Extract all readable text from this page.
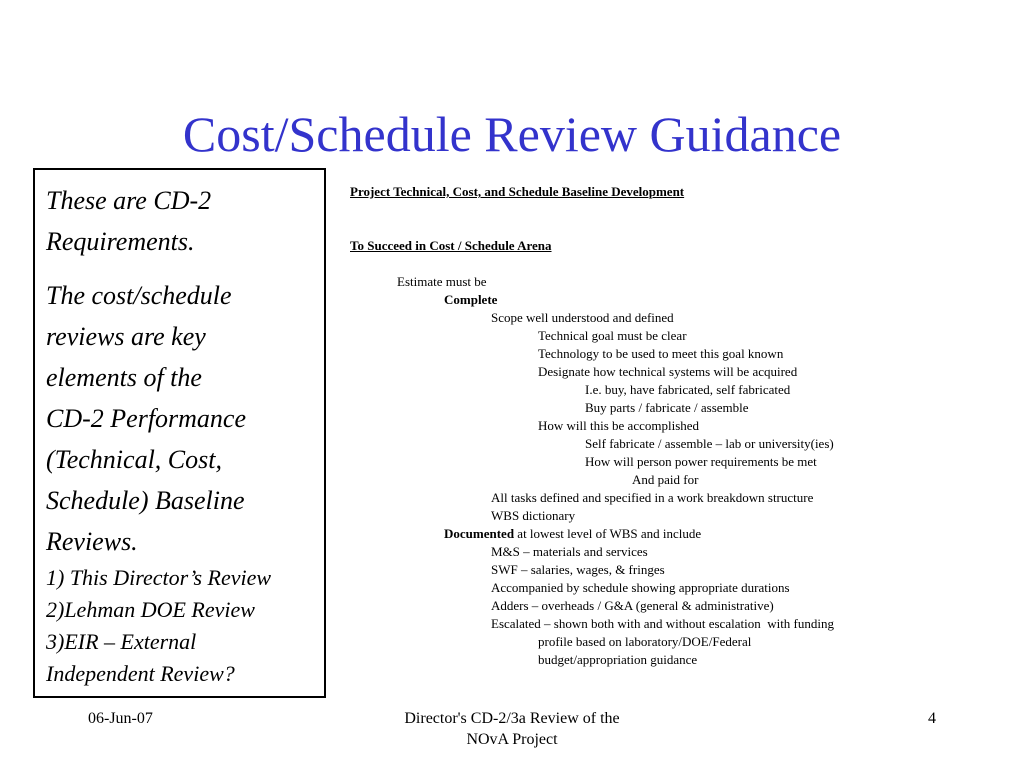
Cost/Schedule Review Guidance

These are CD-2

Requirements.

The cost/schedule

reviews are key

elements of the

CD-2 Performance

(Technical, Cost,

Schedule) Baseline

Reviews.

1) This Director’s Review

2)Lehman DOE Review

3)EIR – External

Independent Review?

Project Technical, Cost, and Schedule Baseline Development
To Succeed in Cost / Schedule Arena
Estimate must be
Complete
Scope well understood and defined
Technical goal must be clear
Technology to be used to meet this goal known
Designate how technical systems will be acquired
I.e. buy, have fabricated, self fabricated
Buy parts / fabricate / assemble
How will this be accomplished
Self fabricate / assemble – lab or university(ies)
How will person power requirements be met
And paid for
All tasks defined and specified in a work breakdown structure
WBS dictionary
Documented at lowest level of WBS and include
M&S – materials and services
SWF – salaries, wages, & fringes
Accompanied by schedule showing appropriate durations
Adders – overheads / G&A (general & administrative)
Escalated – shown both with and without escalation  with funding
profile based on laboratory/DOE/Federal
budget/appropriation guidance
06-Jun-07	Director's CD-2/3a Review of the
NOvA Project
4
